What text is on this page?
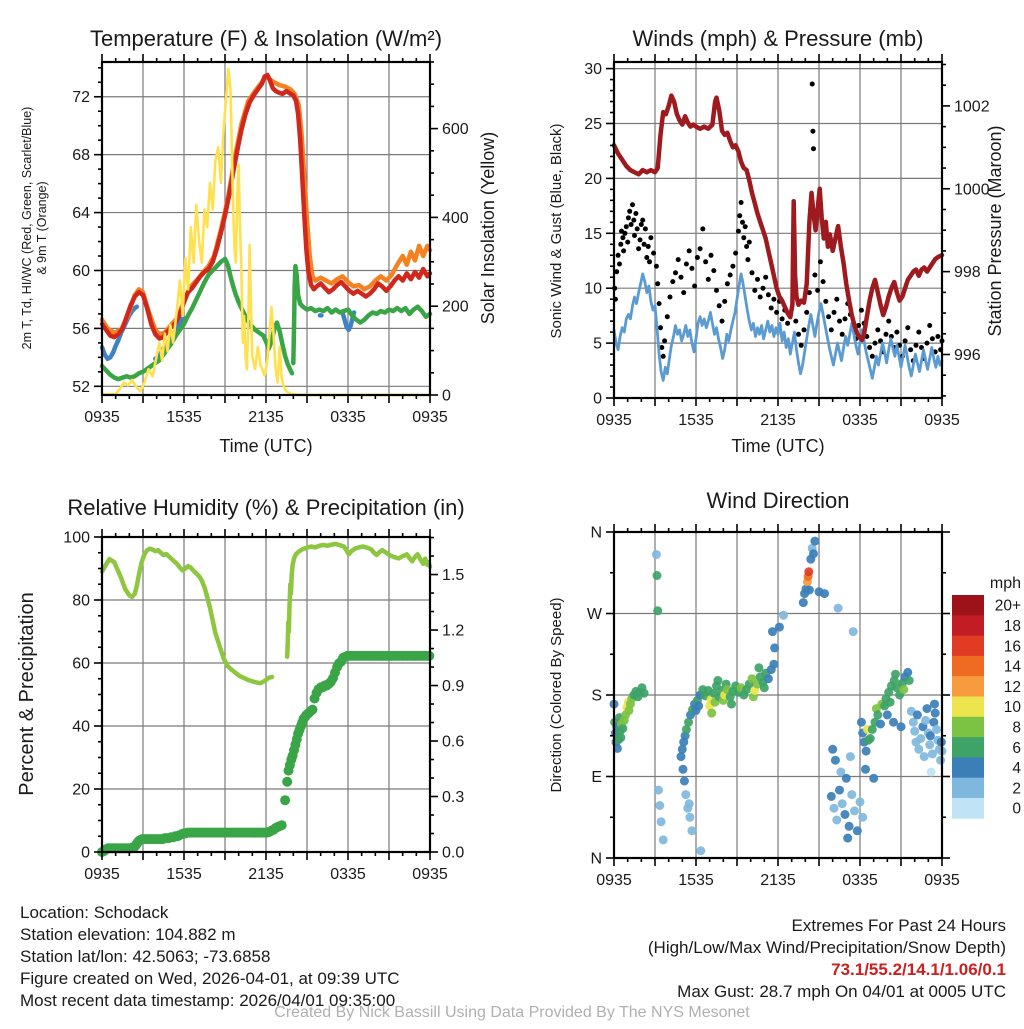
0935	1535	2135	0335	0935
52
56
60
64
68
72
0
200
400
600
0935	1535	2135	0335	0935
0
5
10
15
20
25
30
996
998
1000
1002
0935	1535	2135	0335	0935
0
20
40
60
80
100
0.0
0.3
0.6
0.9
1.2
1.5
0935	1535	2135	0335	0935
N
W
S
E
N
mph
20+
18
16
14
12
10
8
6
4
2
0
Temperature (F) & Insolation (W/m²)	Winds (mph) & Pressure (mb)
Relative Humidity (%) & Precipitation (in)	Wind Direction
2m T, Td, HI/WC (Red, Green, Scarlet/Blue) & 9m T (Orange)	Solar Insolation (Yellow)	Sonic Wind & Gust (Blue, Black)	Station Pressure (Maroon)
Percent & Precipitation	Direction (Colored By Speed)
Time (UTC)	Time (UTC)
Location: Schodack
Station elevation: 104.882 m
Station lat/lon: 42.5063; -73.6858
Figure created on Wed, 2026-04-01, at 09:39 UTC
Most recent data timestamp: 2026/04/01 09:35:00
Extremes For Past 24 Hours
(High/Low/Max Wind/Precipitation/Snow Depth)
73.1/55.2/14.1/1.06/0.1
Max Gust: 28.7 mph On 04/01 at 0005 UTC
Created By Nick Bassill Using Data Provided By The NYS Mesonet
